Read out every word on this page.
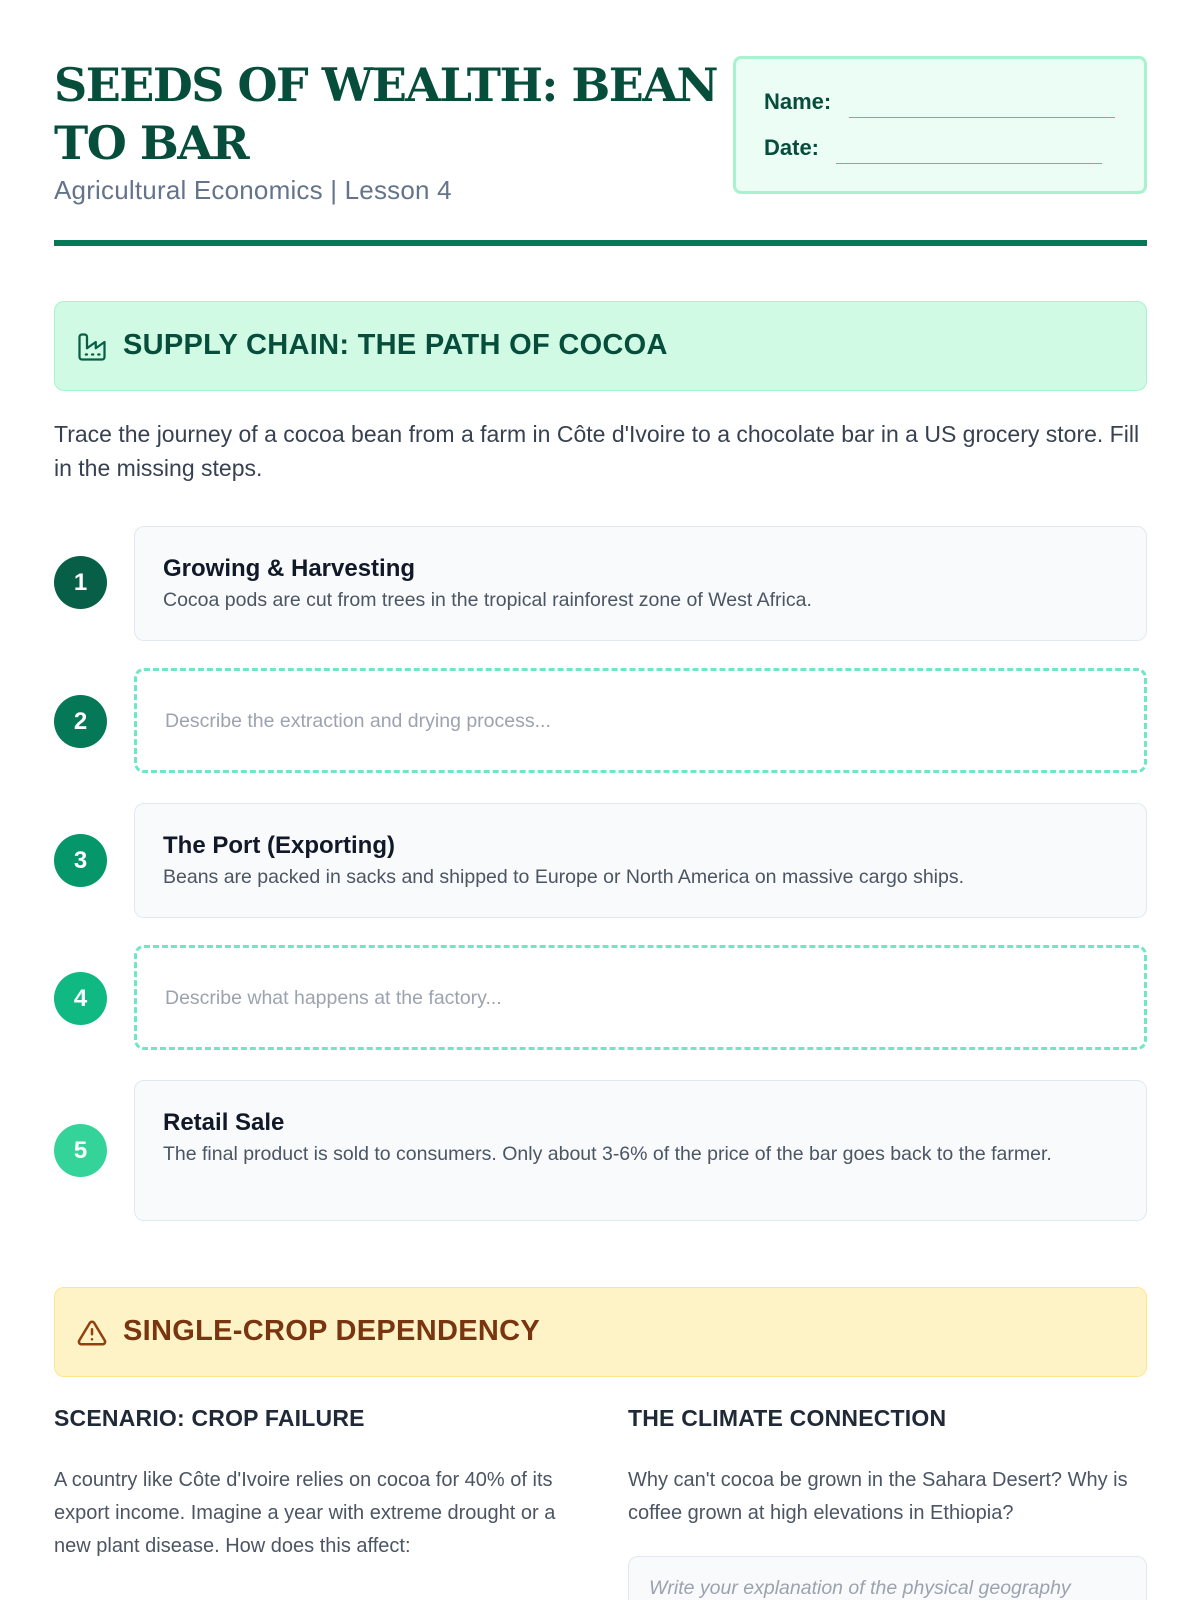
SEEDS OF WEALTH: BEAN TO BAR
Agricultural Economics | Lesson 4
Name:
Date:
SUPPLY CHAIN: THE PATH OF COCOA

Trace the journey of a cocoa bean from a farm in Côte d'Ivoire to a chocolate bar in a US grocery store. Fill in the missing steps.

1
Growing & Harvesting
Cocoa pods are cut from trees in the tropical rainforest zone of West Africa.
2
Describe the extraction and drying process...
3
The Port (Exporting)
Beans are packed in sacks and shipped to Europe or North America on massive cargo ships.
4
Describe what happens at the factory...
5
Retail Sale
The final product is sold to consumers. Only about 3-6% of the price of the bar goes back to the farmer.
SINGLE-CROP DEPENDENCY
SCENARIO: CROP FAILURE

A country like Côte d'Ivoire relies on cocoa for 40% of its export income. Imagine a year with extreme drought or a new plant disease. How does this affect:

THE CLIMATE CONNECTION

Why can't cocoa be grown in the Sahara Desert? Why is coffee grown at high elevations in Ethiopia?

Write your explanation of the physical geography
